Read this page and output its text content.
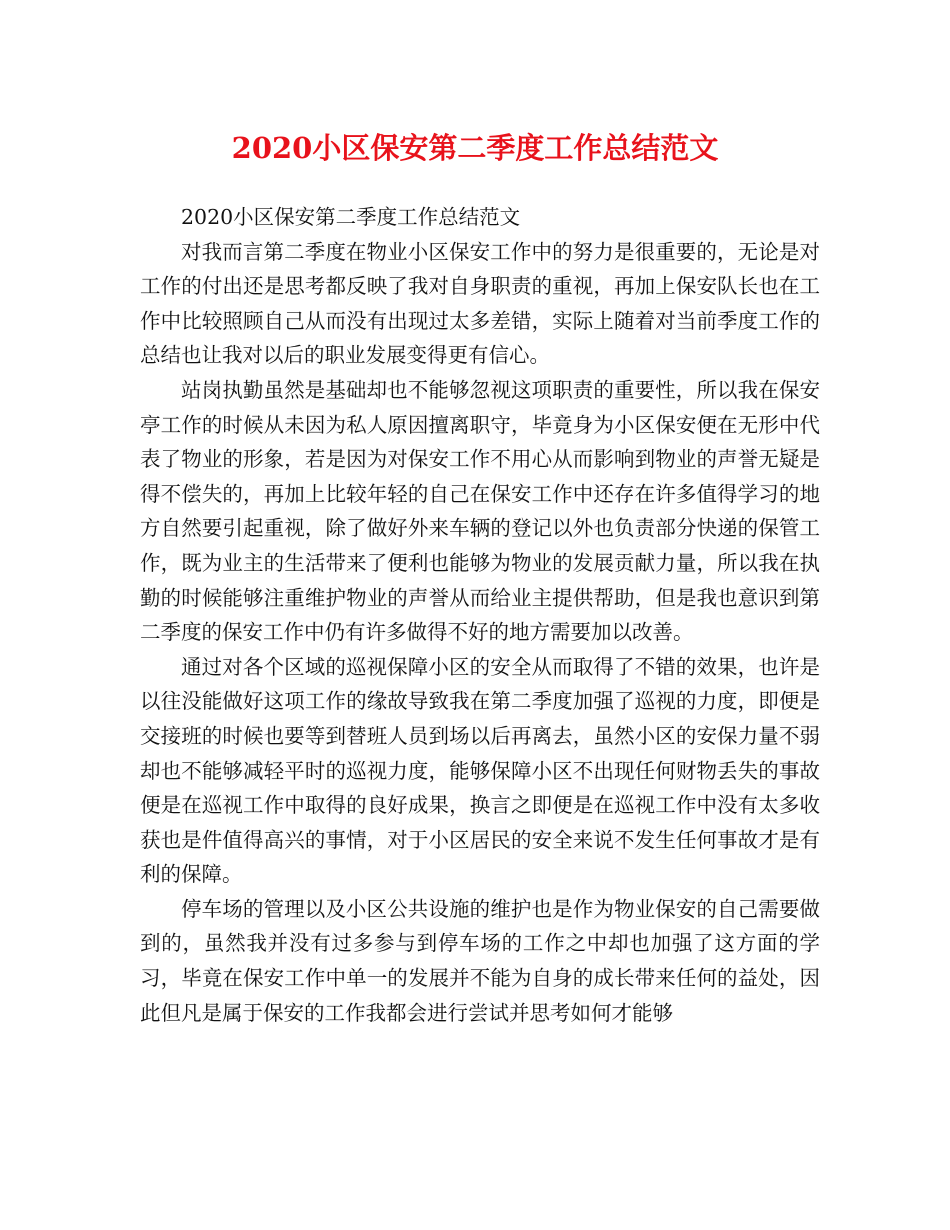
2020小区保安第二季度工作总结范文

2020小区保安第二季度工作总结范文

对我而言第二季度在物业小区保安工作中的努力是很重要的，无论是对工作的付出还是思考都反映了我对自身职责的重视，再加上保安队长也在工作中比较照顾自己从而没有出现过太多差错，实际上随着对当前季度工作的总结也让我对以后的职业发展变得更有信心。

站岗执勤虽然是基础却也不能够忽视这项职责的重要性，所以我在保安亭工作的时候从未因为私人原因擅离职守，毕竟身为小区保安便在无形中代表了物业的形象，若是因为对保安工作不用心从而影响到物业的声誉无疑是得不偿失的，再加上比较年轻的自己在保安工作中还存在许多值得学习的地方自然要引起重视，除了做好外来车辆的登记以外也负责部分快递的保管工作，既为业主的生活带来了便利也能够为物业的发展贡献力量，所以我在执勤的时候能够注重维护物业的声誉从而给业主提供帮助，但是我也意识到第二季度的保安工作中仍有许多做得不好的地方需要加以改善。

通过对各个区域的巡视保障小区的安全从而取得了不错的效果，也许是以往没能做好这项工作的缘故导致我在第二季度加强了巡视的力度，即便是交接班的时候也要等到替班人员到场以后再离去，虽然小区的安保力量不弱却也不能够减轻平时的巡视力度，能够保障小区不出现任何财物丢失的事故便是在巡视工作中取得的良好成果，换言之即便是在巡视工作中没有太多收获也是件值得高兴的事情，对于小区居民的安全来说不发生任何事故才是有利的保障。

停车场的管理以及小区公共设施的维护也是作为物业保安的自己需要做到的，虽然我并没有过多参与到停车场的工作之中却也加强了这方面的学习，毕竟在保安工作中单一的发展并不能为自身的成长带来任何的益处，因此但凡是属于保安的工作我都会进行尝试并思考如何才能够
